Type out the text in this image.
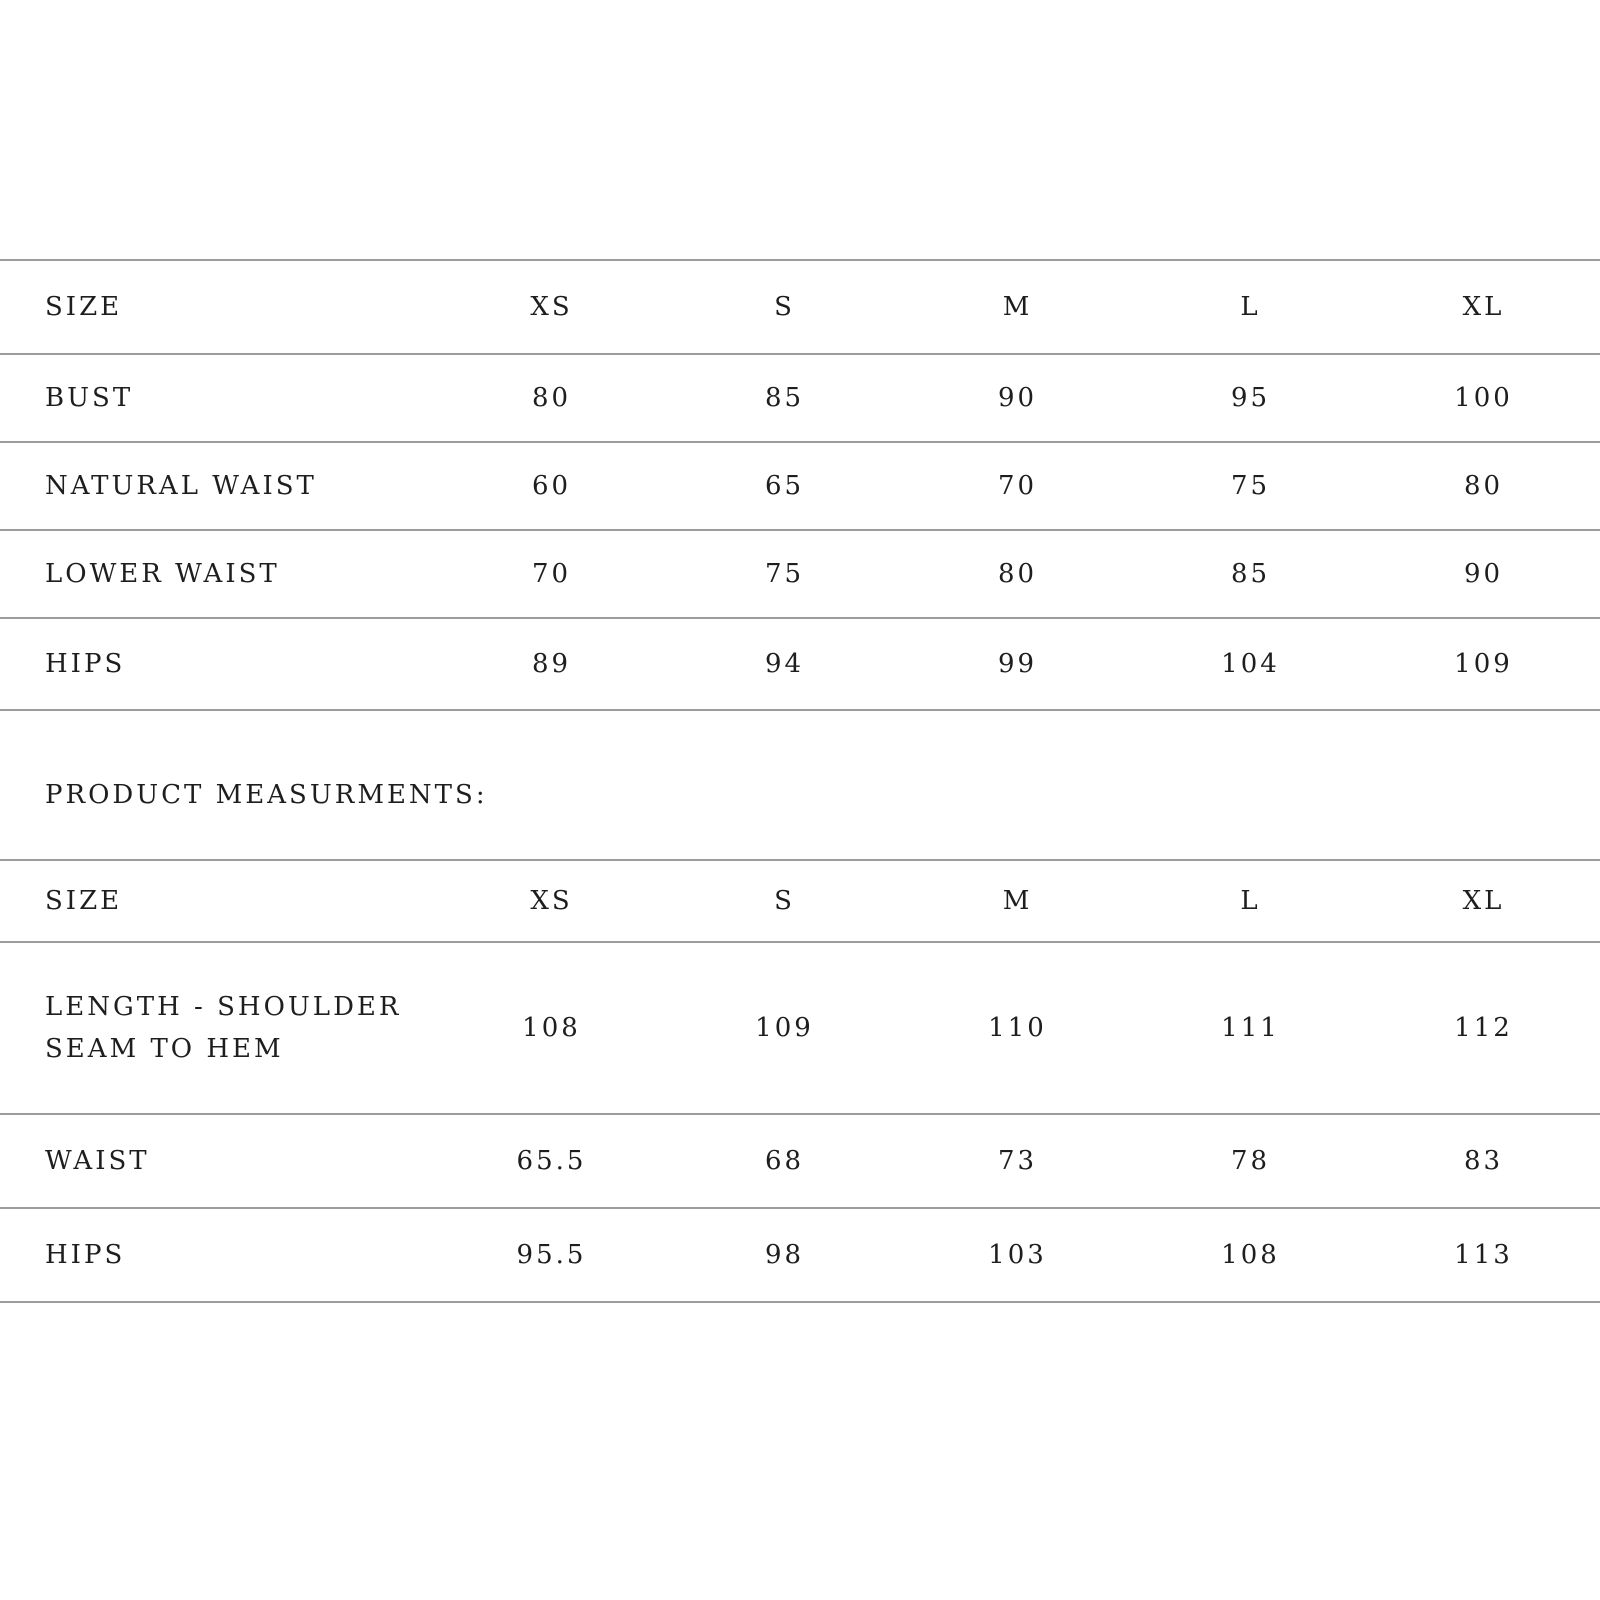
SIZE	XS	S	M	L	XL
BUST	80	85	90	95	100
NATURAL WAIST	60	65	70	75	80
LOWER WAIST	70	75	80	85	90
HIPS	89	94	99	104	109
PRODUCT MEASURMENTS:
SIZE	XS	S	M	L	XL
LENGTH - SHOULDER SEAM TO HEM	108	109	110	111	112
WAIST	65.5	68	73	78	83
HIPS	95.5	98	103	108	113
